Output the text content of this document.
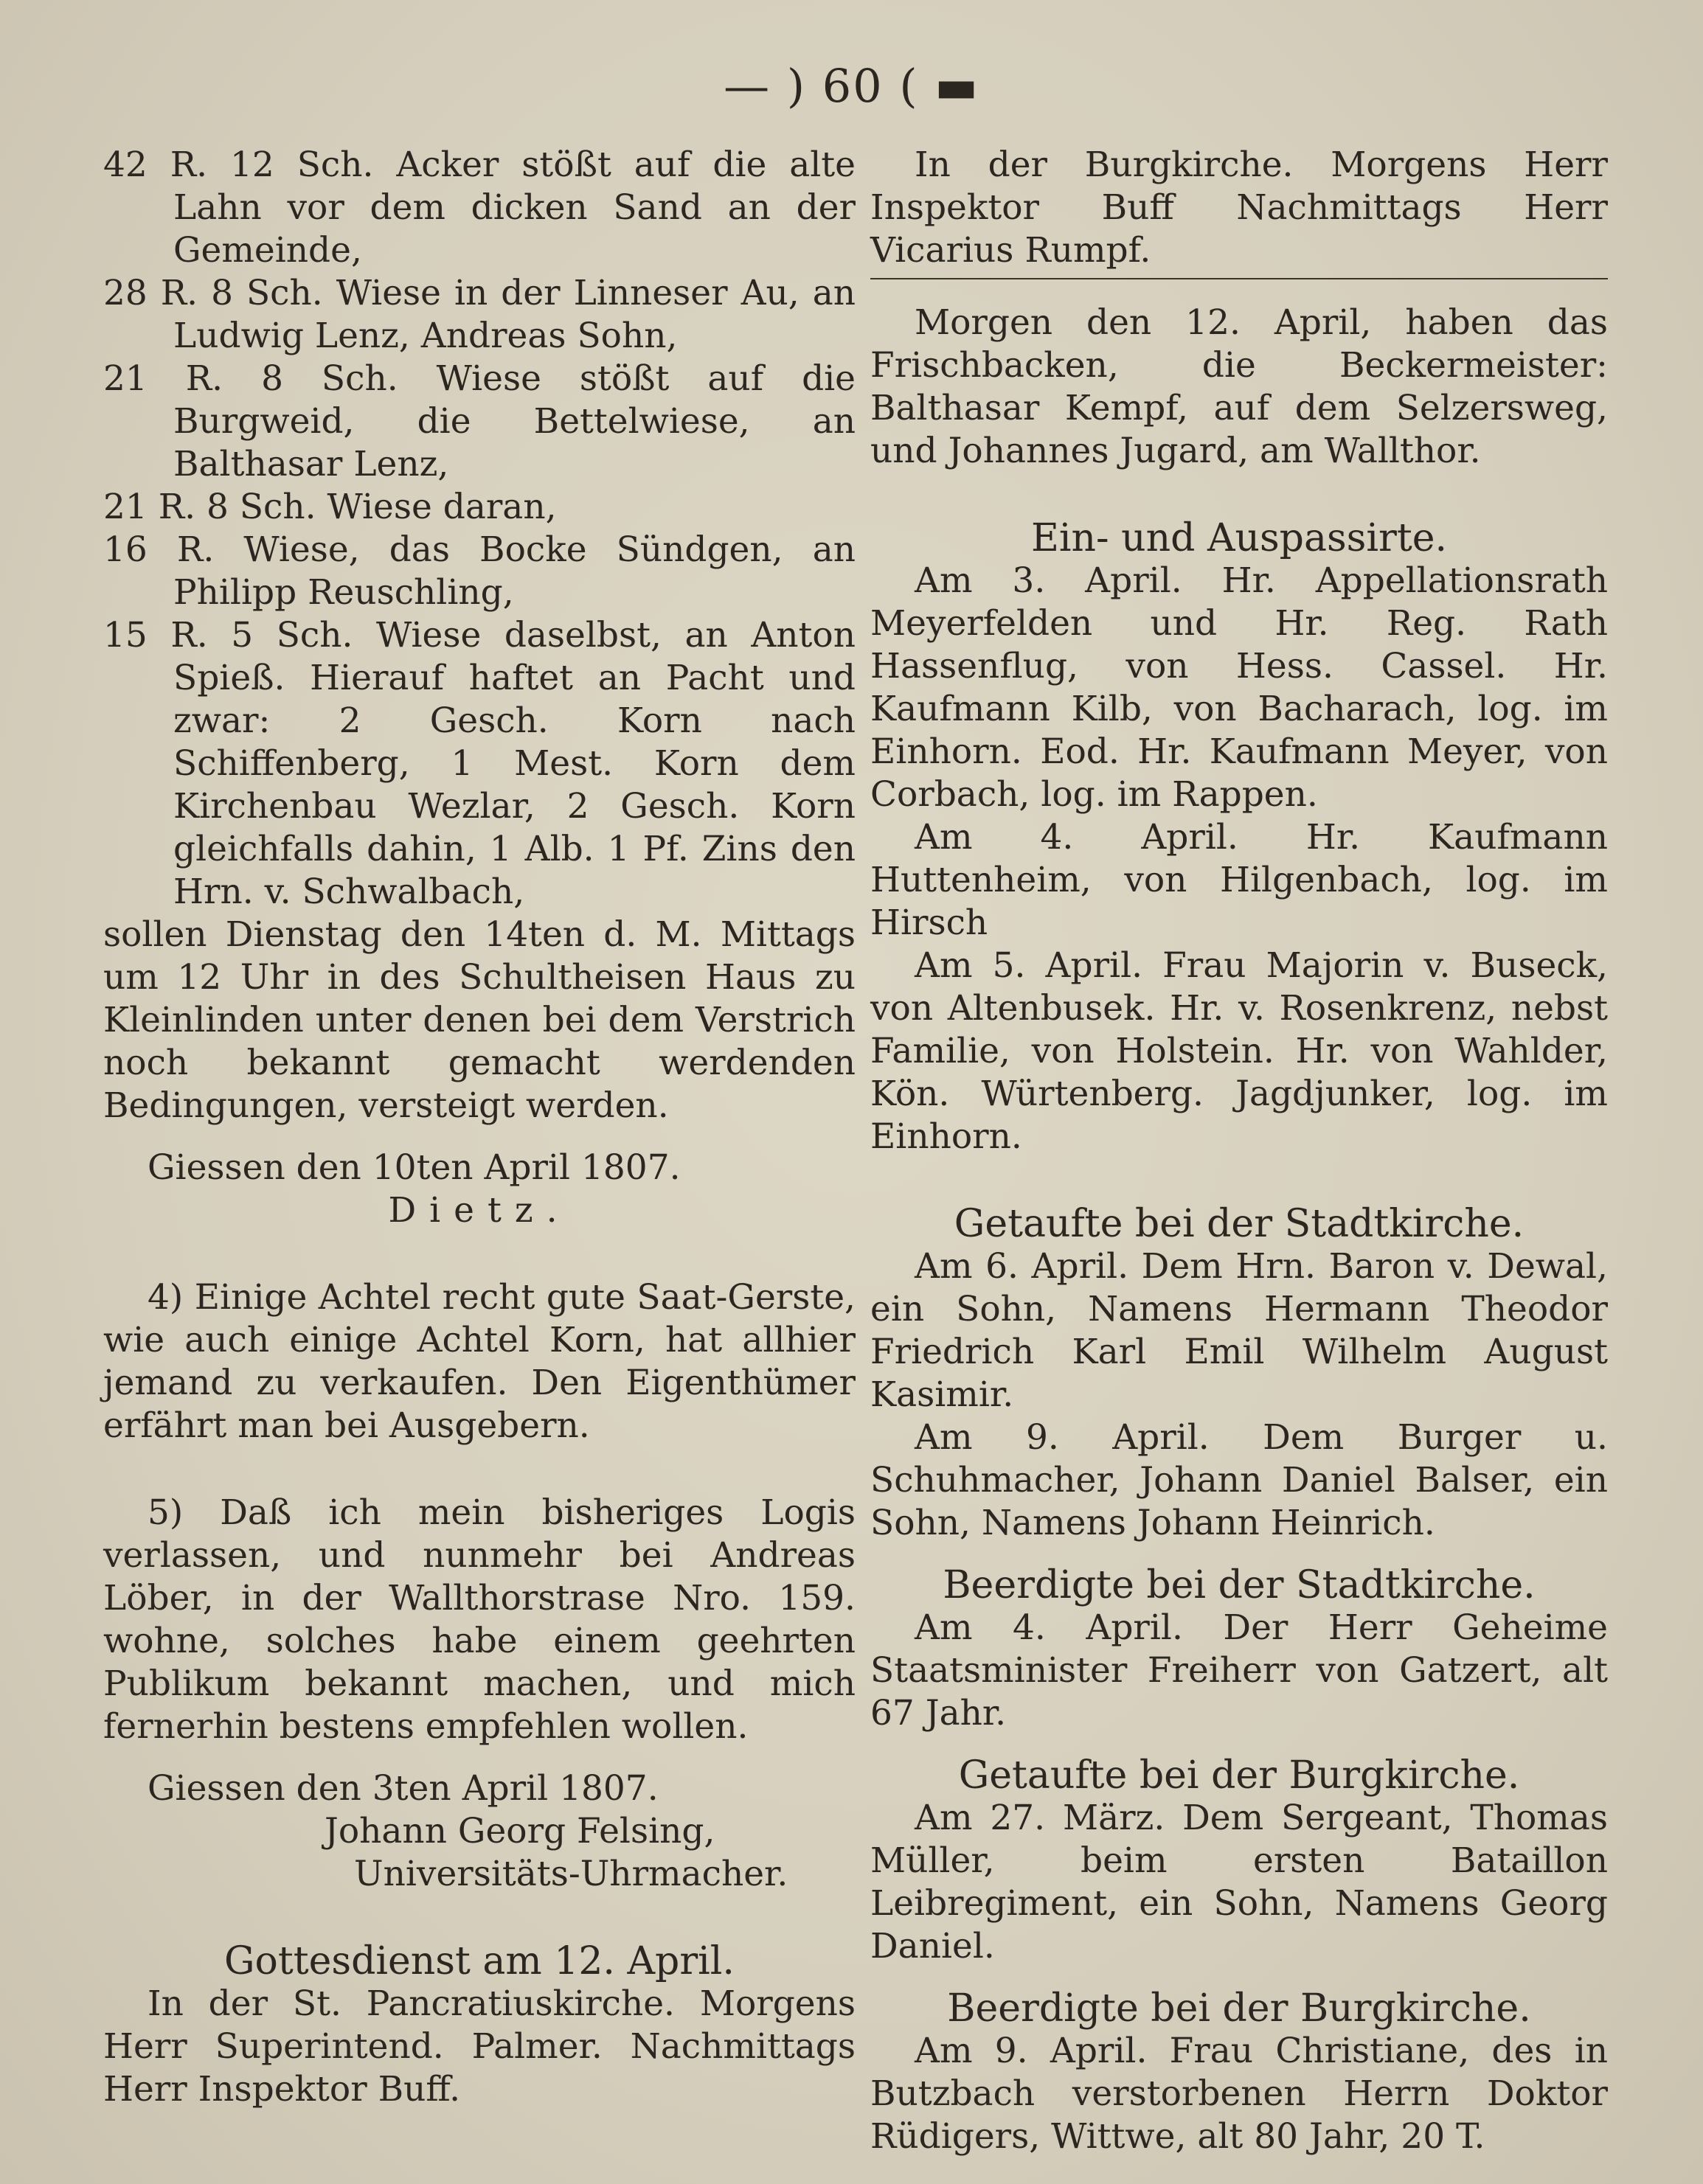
— ) 60 ( ▬

42 R. 12 Sch. Acker stößt auf die alte Lahn vor dem dicken Sand an der Gemeinde,

28 R. 8 Sch. Wiese in der Linneser Au, an Ludwig Lenz, Andreas Sohn,

21 R. 8 Sch. Wiese stößt auf die Burgweid, die Bettelwiese, an Balthasar Lenz,

21 R. 8 Sch. Wiese daran,

16 R. Wiese, das Bocke Sündgen, an Philipp Reuschling,

15 R. 5 Sch. Wiese daselbst, an Anton Spieß. Hierauf haftet an Pacht und zwar: 2 Gesch. Korn nach Schiffenberg, 1 Mest. Korn dem Kirchenbau Wezlar, 2 Gesch. Korn gleichfalls dahin, 1 Alb. 1 Pf. Zins den Hrn. v. Schwalbach,

sollen Dienstag den 14ten d. M. Mittags um 12 Uhr in des Schultheisen Haus zu Kleinlinden unter denen bei dem Verstrich noch bekannt gemacht werdenden Bedingungen, versteigt werden.

Giessen den 10ten April 1807.

Dietz.

4) Einige Achtel recht gute Saat-Gerste, wie auch einige Achtel Korn, hat allhier jemand zu verkaufen. Den Eigenthümer erfährt man bei Ausgebern.

5) Daß ich mein bisheriges Logis verlassen, und nunmehr bei Andreas Löber, in der Wallthorstrase Nro. 159. wohne, solches habe einem geehrten Publikum bekannt machen, und mich fernerhin bestens empfehlen wollen.

Giessen den 3ten April 1807.

Johann Georg Felsing,

Universitäts-Uhrmacher.

Gottesdienst am 12. April.

In der St. Pancratiuskirche. Morgens Herr Superintend. Palmer. Nachmittags Herr Inspektor Buff.

In der Burgkirche. Morgens Herr Inspektor Buff Nachmittags Herr Vicarius Rumpf.

Morgen den 12. April, haben das Frischbacken, die Beckermeister: Balthasar Kempf, auf dem Selzersweg, und Johannes Jugard, am Wallthor.

Ein- und Auspassirte.

Am 3. April. Hr. Appellationsrath Meyerfelden und Hr. Reg. Rath Hassenflug, von Hess. Cassel. Hr. Kaufmann Kilb, von Bacharach, log. im Einhorn. Eod. Hr. Kaufmann Meyer, von Corbach, log. im Rappen.

Am 4. April. Hr. Kaufmann Huttenheim, von Hilgenbach, log. im Hirsch

Am 5. April. Frau Majorin v. Buseck, von Altenbusek. Hr. v. Rosenkrenz, nebst Familie, von Holstein. Hr. von Wahlder, Kön. Würtenberg. Jagdjunker, log. im Einhorn.

Getaufte bei der Stadtkirche.

Am 6. April. Dem Hrn. Baron v. Dewal, ein Sohn, Namens Hermann Theodor Friedrich Karl Emil Wilhelm August Kasimir.

Am 9. April. Dem Burger u. Schuhmacher, Johann Daniel Balser, ein Sohn, Namens Johann Heinrich.

Beerdigte bei der Stadtkirche.

Am 4. April. Der Herr Geheime Staatsminister Freiherr von Gatzert, alt 67 Jahr.

Getaufte bei der Burgkirche.

Am 27. März. Dem Sergeant, Thomas Müller, beim ersten Bataillon Leibregiment, ein Sohn, Namens Georg Daniel.

Beerdigte bei der Burgkirche.

Am 9. April. Frau Christiane, des in Butzbach verstorbenen Herrn Doktor Rüdigers, Wittwe, alt 80 Jahr, 20 T.
